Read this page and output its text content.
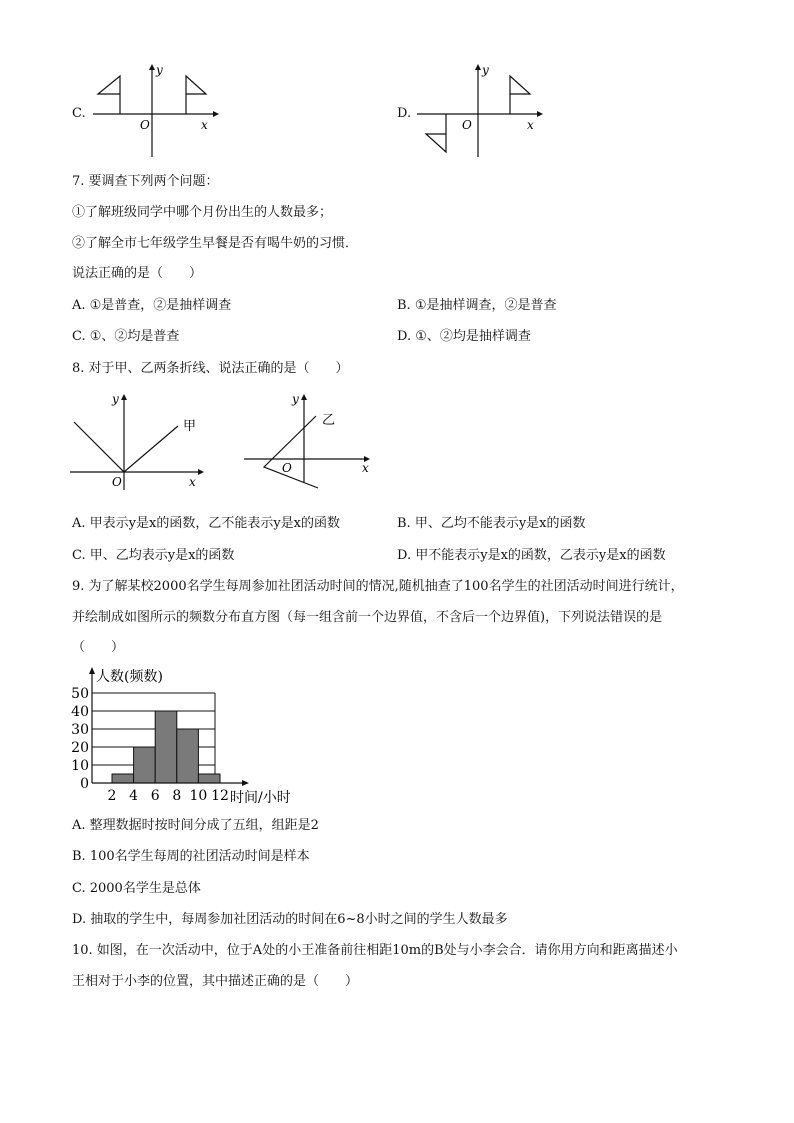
C.
y
x
O
D.
y
x
O
7. 要调查下列两个问题：
①了解班级同学中哪个月份出生的人数最多；
②了解全市七年级学生早餐是否有喝牛奶的习惯．
说法正确的是（　　）
A. ①是普查，②是抽样调查	B. ①是抽样调查，②是普查
C. ①、②均是普查	D. ①、②均是抽样调查
8. 对于甲、乙两条折线、说法正确的是（　　）
y
x
O
甲
y
x
O
乙
A. 甲表示y是x的函数，乙不能表示y是x的函数	B. 甲、乙均不能表示y是x的函数
C. 甲、乙均表示y是x的函数	D. 甲不能表示y是x的函数，乙表示y是x的函数
9. 为了解某校2000名学生每周参加社团活动时间的情况,随机抽查了100名学生的社团活动时间进行统计，
并绘制成如图所示的频数分布直方图（每一组含前一个边界值，不含后一个边界值)，下列说法错误的是
（　　）
0
10
20
30
40
50
2 4 6 8 10 12
人数(频数)
时间/小时
A. 整理数据时按时间分成了五组，组距是2
B. 100名学生每周的社团活动时间是样本
C. 2000名学生是总体
D. 抽取的学生中，每周参加社团活动的时间在6~8小时之间的学生人数最多
10. 如图，在一次活动中，位于A处的小王准备前往相距10m的B处与小李会合．请你用方向和距离描述小
王相对于小李的位置，其中描述正确的是（　　）
